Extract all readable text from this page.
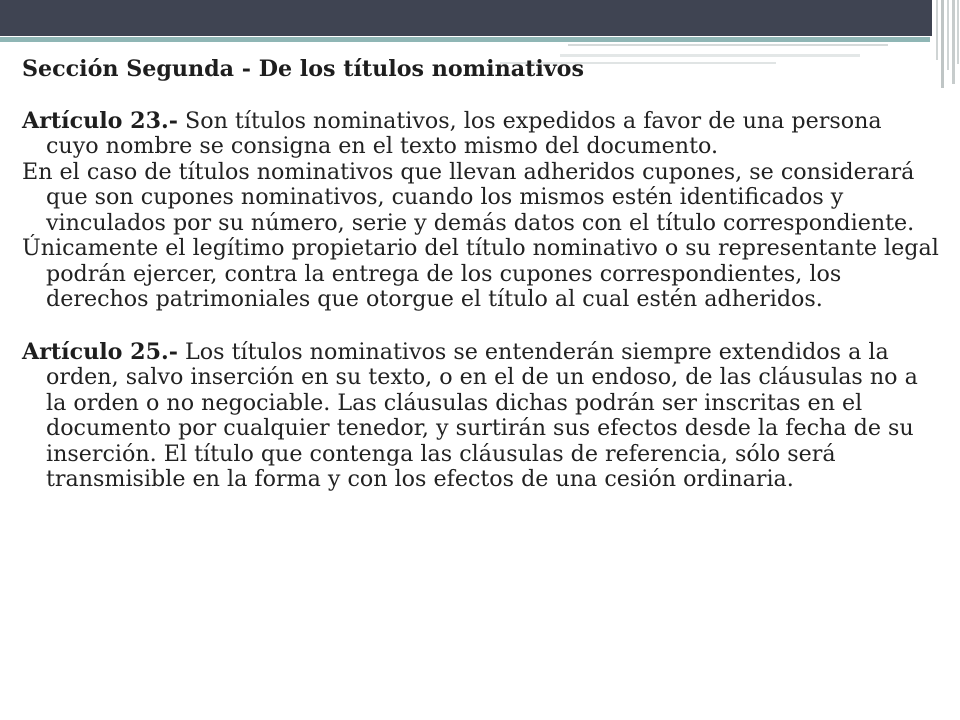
Sección Segunda - De los títulos nominativos

Artículo 23.- Son títulos nominativos, los expedidos a favor de una persona cuyo nombre se consigna en el texto mismo del documento.

En el caso de títulos nominativos que llevan adheridos cupones, se considerará que son cupones nominativos, cuando los mismos estén identificados y vinculados por su número, serie y demás datos con el título correspondiente.

Únicamente el legítimo propietario del título nominativo o su representante legal podrán ejercer, contra la entrega de los cupones correspondientes, los derechos patrimoniales que otorgue el título al cual estén adheridos.

Artículo 25.- Los títulos nominativos se entenderán siempre extendidos a la orden, salvo inserción en su texto, o en el de un endoso, de las cláusulas no a la orden o no negociable. Las cláusulas dichas podrán ser inscritas en el documento por cualquier tenedor, y surtirán sus efectos desde la fecha de su inserción. El título que contenga las cláusulas de referencia, sólo será transmisible en la forma y con los efectos de una cesión ordinaria.
